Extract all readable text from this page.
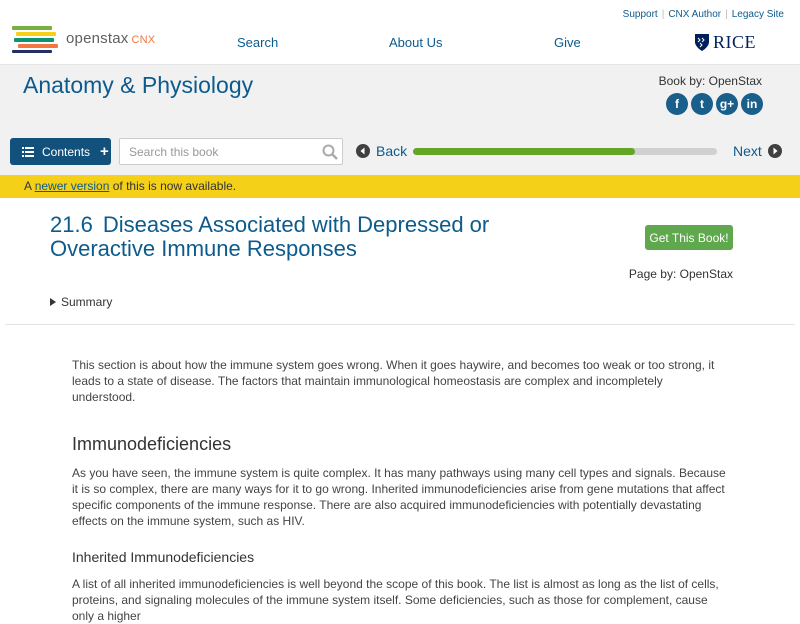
openstax CNX
Support | CNX Author | Legacy Site
Search	About Us	Give	RICE
Anatomy & Physiology	Book by: OpenStax
f	t	g+	in
Contents +
Search this book	Back	Next
A newer version of this is now available.
21.6 Diseases Associated with Depressed or Overactive Immune Responses	Get This Book!
Page by: OpenStax
Summary

This section is about how the immune system goes wrong. When it goes haywire, and becomes too weak or too strong, it leads to a state of disease. The factors that maintain immunological homeostasis are complex and incompletely understood.

Immunodeficiencies

As you have seen, the immune system is quite complex. It has many pathways using many cell types and signals. Because it is so complex, there are many ways for it to go wrong. Inherited immunodeficiencies arise from gene mutations that affect specific components of the immune response. There are also acquired immunodeficiencies with potentially devastating effects on the immune system, such as HIV.

Inherited Immunodeficiencies

A list of all inherited immunodeficiencies is well beyond the scope of this book. The list is almost as long as the list of cells, proteins, and signaling molecules of the immune system itself. Some deficiencies, such as those for complement, cause only a higher
